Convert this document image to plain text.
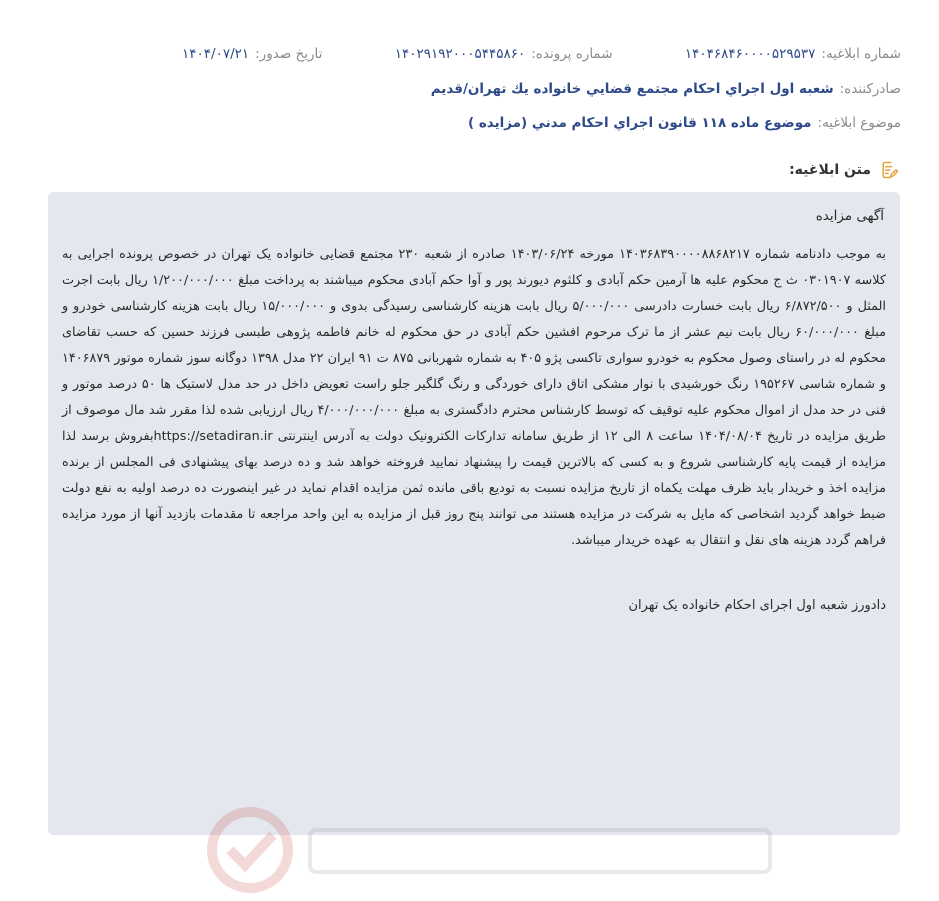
شماره ابلاغیه:
۱۴۰۴۶۸۴۶۰۰۰۰۵۲۹۵۳۷
شماره پرونده:
۱۴۰۲۹۱۹۲۰۰۰۵۴۴۵۸۶۰
تاریخ صدور:
۱۴۰۴/۰۷/۲۱
صادرکننده:
شعبه اول اجراي احکام مجتمع قضايي خانواده يك تهران/قديم
موضوع ابلاغیه:
موضوع ماده ۱۱۸ قانون اجراي احکام مدني (مزايده )
متن ابلاغیه:
آگهی مزایده

به موجب دادنامه شماره ۱۴۰۳۶۸۳۹۰۰۰۰۸۸۶۸۲۱۷ مورخه ۱۴۰۳/۰۶/۲۴ صادره از شعبه ۲۳۰ مجتمع قضایی خانواده یک تهران در خصوص پرونده اجرایی به کلاسه ۰۳۰۱۹۰۷ ث ج محکوم علیه ها آرمین حکم آبادی و کلثوم دیورند پور و آوا حکم آبادی محکوم میباشند به پرداخت مبلغ ۱/۲۰۰/۰۰۰/۰۰۰ ریال بابت اجرت المثل و ۶/۸۷۲/۵۰۰ ریال بابت خسارت دادرسی ۵/۰۰۰/۰۰۰ ریال بابت هزینه کارشناسی رسیدگی بدوی و ۱۵/۰۰۰/۰۰۰ ریال بابت هزینه کارشناسی خودرو و مبلغ ۶۰/۰۰۰/۰۰۰ ریال بابت نیم عشر از ما ترک مرحوم افشین حکم آبادی در حق محکوم له خانم فاطمه پژوهی طبسی فرزند حسین که حسب تقاضای محکوم له در راستای وصول محکوم به خودرو سواری تاکسی پژو ۴۰۵ به شماره شهربانی ۸۷۵ ت ۹۱ ایران ۲۲ مدل ۱۳۹۸ دوگانه سوز شماره موتور ۱۴۰۶۸۷۹ و شماره شاسی ۱۹۵۲۶۷ رنگ خورشیدی با نوار مشکی اتاق دارای خوردگی و رنگ گلگیر جلو راست تعویض داخل در حد مدل لاستیک ها ۵۰ درصد موتور و فنی در حد مدل از اموال محکوم علیه توقیف که توسط کارشناس محترم دادگستری به مبلغ ۴/۰۰۰/۰۰۰/۰۰۰ ریال ارزیابی شده لذا مقرر شد مال موصوف از طریق مزایده در تاریخ ۱۴۰۴/۰۸/۰۴ ساعت ۸ الی ۱۲ از طریق سامانه تدارکات الکترونیک دولت به آدرس اینترنتی https://setadiran.irبفروش برسد لذا مزایده از قیمت پایه کارشناسی شروع و به کسی که بالاترین قیمت را پیشنهاد نمایید فروخته خواهد شد و ده درصد بهای پیشنهادی فی المجلس از برنده مزایده اخذ و خریدار باید ظرف مهلت یکماه از تاریخ مزایده نسبت به تودیع باقی مانده ثمن مزایده اقدام نماید در غیر اینصورت ده درصد اولیه به نفع دولت ضبط خواهد گردید اشخاصی که مایل به شرکت در مزایده هستند می توانند پنج روز قبل از مزایده به این واحد مراجعه تا مقدمات بازدید آنها از مورد مزایده فراهم گردد هزینه های نقل و انتقال به عهده خریدار میباشد.

دادورز شعبه اول اجرای احکام خانواده یک تهران
